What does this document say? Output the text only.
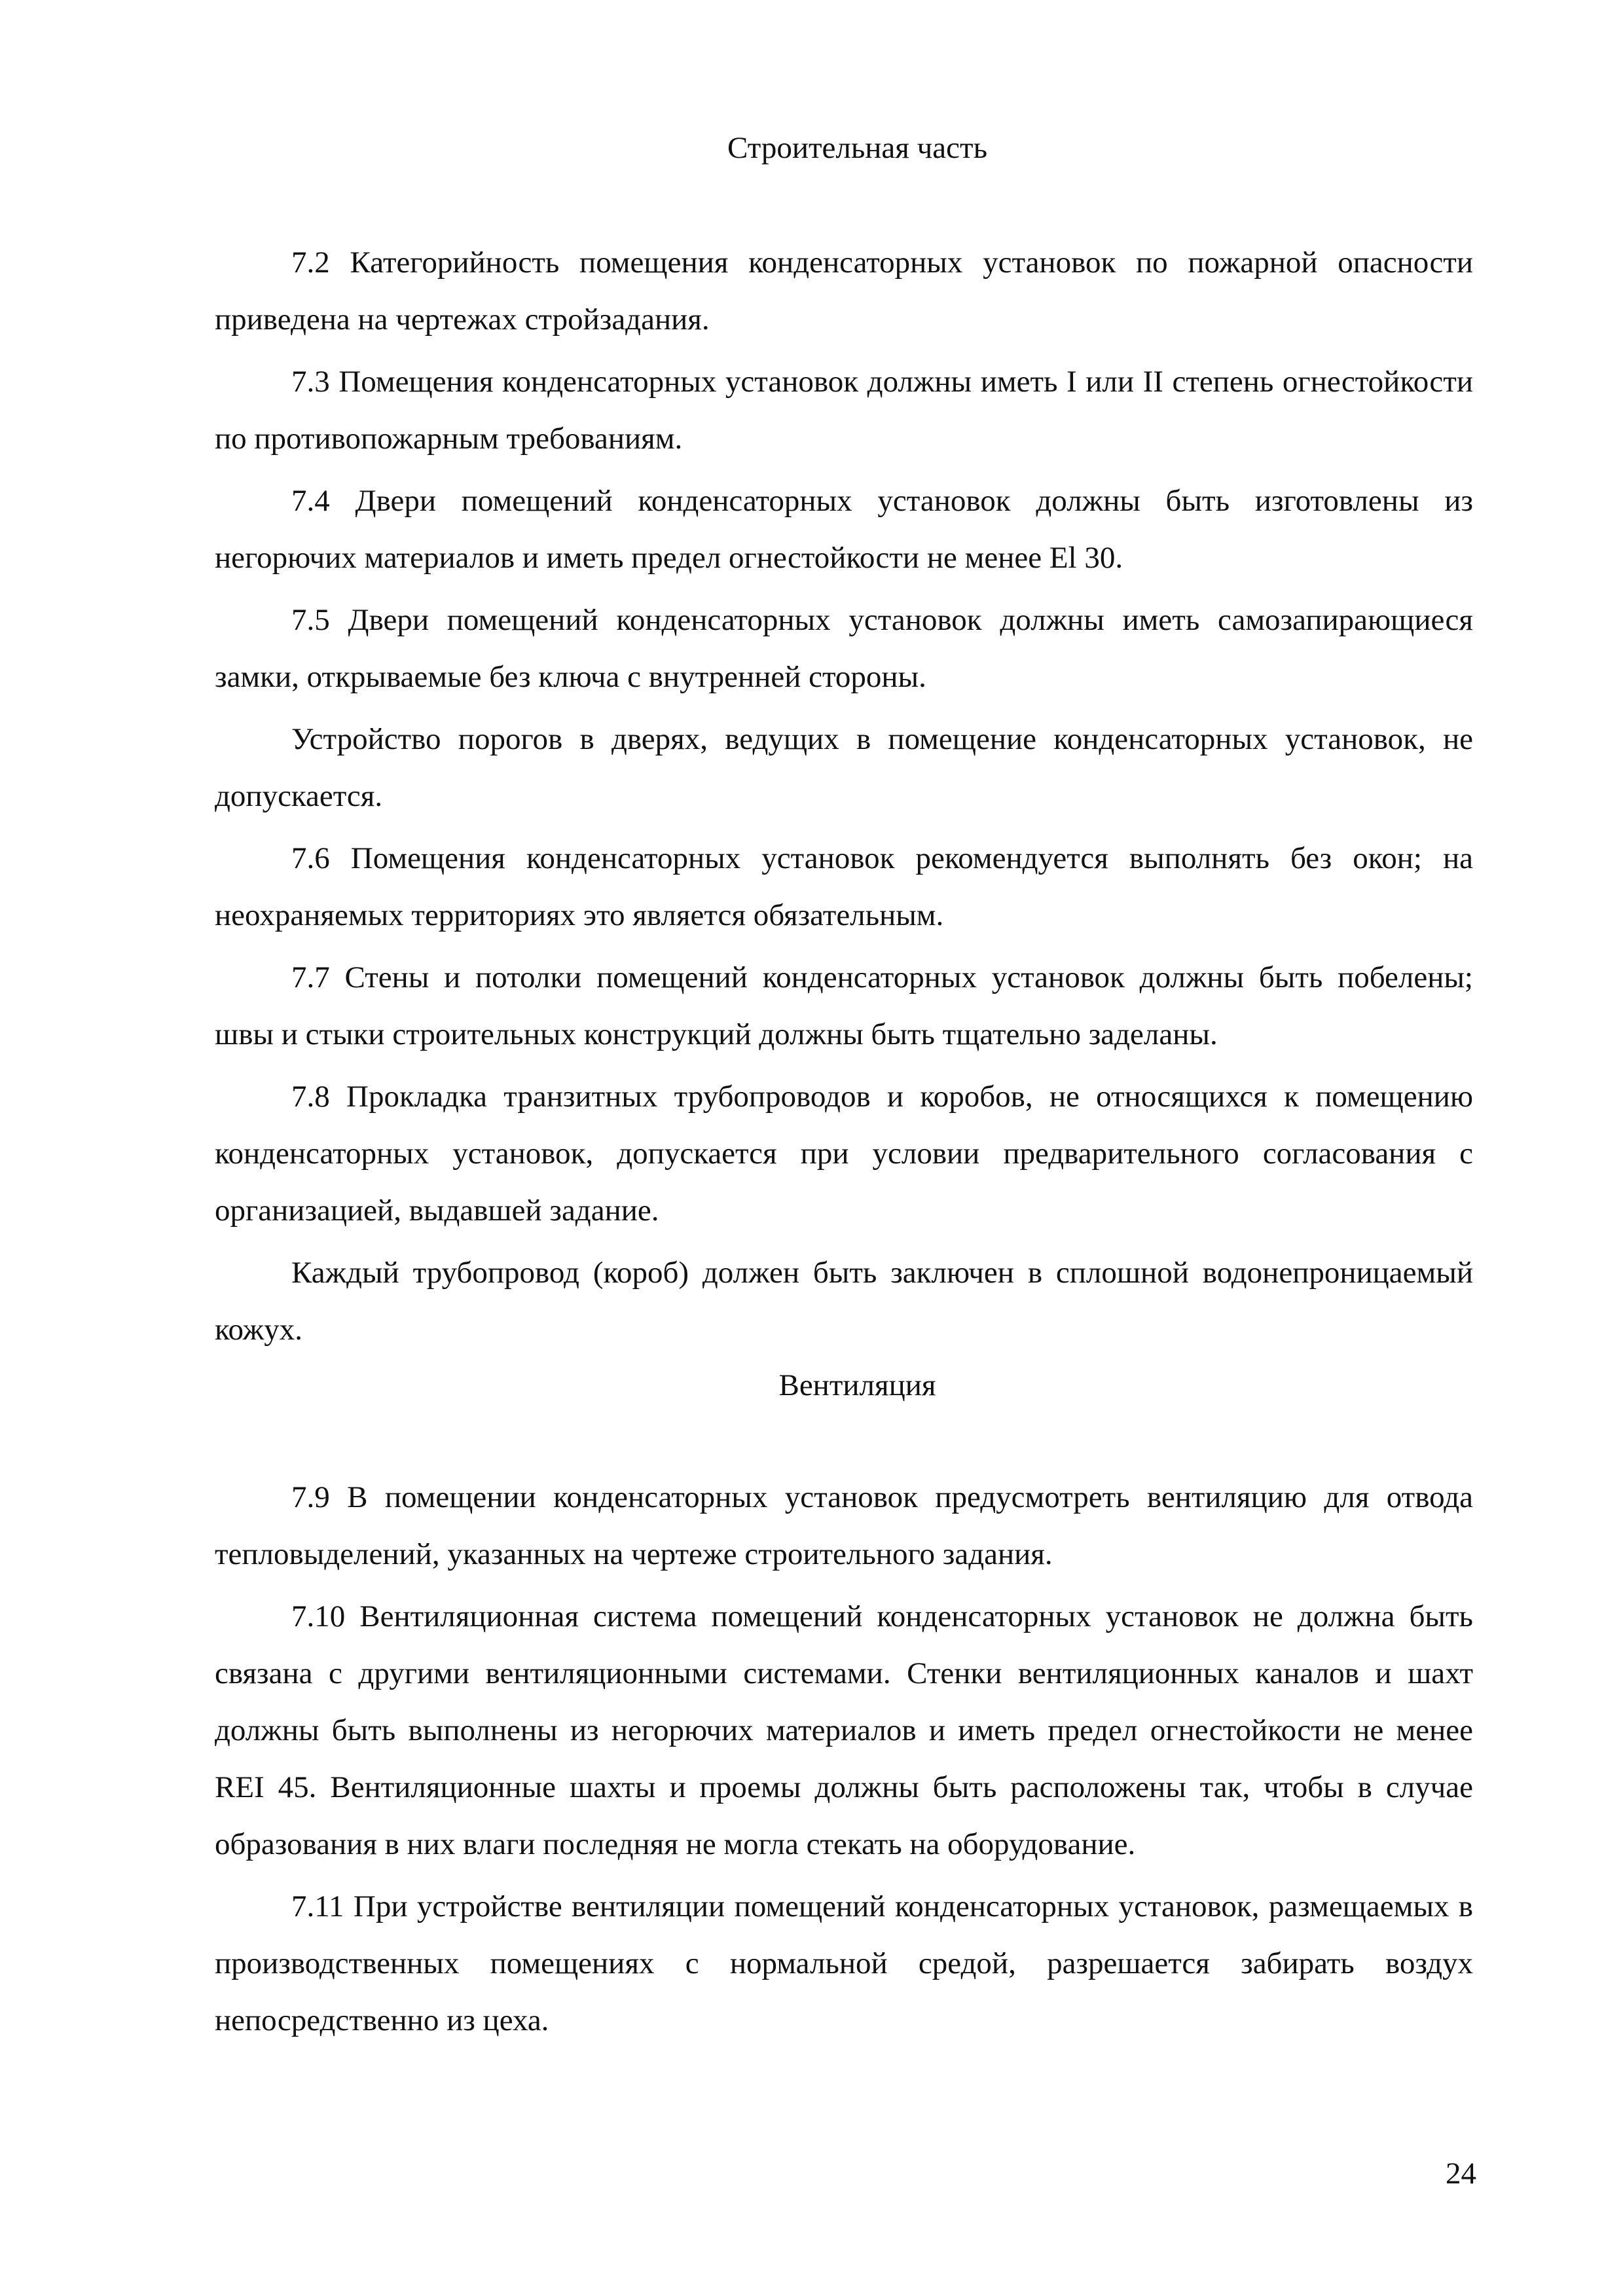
Строительная часть

7.2 Категорийность помещения конденсаторных установок по пожарной опасности приведена на чертежах стройзадания.

7.3 Помещения конденсаторных установок должны иметь I или II степень огнестойкости по противопожарным требованиям.

7.4 Двери помещений конденсаторных установок должны быть изготовлены из негорючих материалов и иметь предел огнестойкости не менее El 30.

7.5 Двери помещений конденсаторных установок должны иметь самозапирающиеся замки, открываемые без ключа с внутренней стороны.

Устройство порогов в дверях, ведущих в помещение конденсаторных установок, не допускается.

7.6 Помещения конденсаторных установок рекомендуется выполнять без окон; на неохраняемых территориях это является обязательным.

7.7 Стены и потолки помещений конденсаторных установок должны быть побелены; швы и стыки строительных конструкций должны быть тщательно заделаны.

7.8 Прокладка транзитных трубопроводов и коробов, не относящихся к помещению конденсаторных установок, допускается при условии предварительного согласования с организацией, выдавшей задание.

Каждый трубопровод (короб) должен быть заключен в сплошной водонепроницаемый кожух.

Вентиляция

7.9 В помещении конденсаторных установок предусмотреть вентиляцию для отвода тепловыделений, указанных на чертеже строительного задания.

7.10 Вентиляционная система помещений конденсаторных установок не должна быть связана с другими вентиляционными системами. Стенки вентиляционных каналов и шахт должны быть выполнены из негорючих материалов и иметь предел огнестойкости не менее REI 45. Вентиляционные шахты и проемы должны быть расположены так, чтобы в случае образования в них влаги последняя не могла стекать на оборудование.

7.11 При устройстве вентиляции помещений конденсаторных установок, размещаемых в производственных помещениях с нормальной средой, разрешается забирать воздух непосредственно из цеха.

24
